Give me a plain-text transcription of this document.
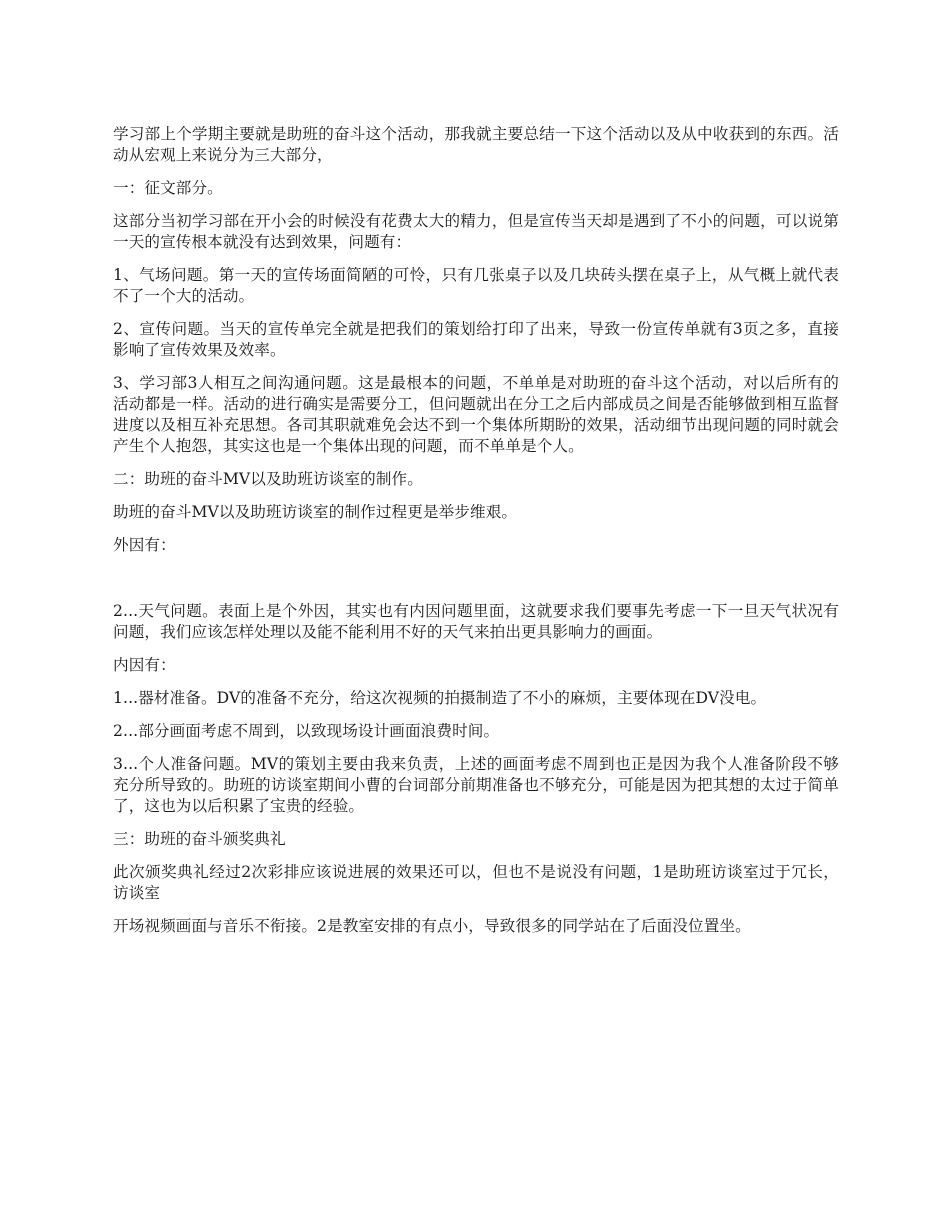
学习部上个学期主要就是助班的奋斗这个活动，那我就主要总结一下这个活动以及从中收获到的东西。活动从宏观上来说分为三大部分，

一：征文部分。

这部分当初学习部在开小会的时候没有花费太大的精力，但是宣传当天却是遇到了不小的问题，可以说第一天的宣传根本就没有达到效果，问题有：

1、气场问题。第一天的宣传场面简陋的可怜，只有几张桌子以及几块砖头摆在桌子上，从气概上就代表不了一个大的活动。

2、宣传问题。当天的宣传单完全就是把我们的策划给打印了出来，导致一份宣传单就有3页之多，直接影响了宣传效果及效率。

3、学习部3人相互之间沟通问题。这是最根本的问题，不单单是对助班的奋斗这个活动，对以后所有的活动都是一样。活动的进行确实是需要分工，但问题就出在分工之后内部成员之间是否能够做到相互监督进度以及相互补充思想。各司其职就难免会达不到一个集体所期盼的效果，活动细节出现问题的同时就会产生个人抱怨，其实这也是一个集体出现的问题，而不单单是个人。

二：助班的奋斗MV以及助班访谈室的制作。

助班的奋斗MV以及助班访谈室的制作过程更是举步维艰。

外因有：

2...天气问题。表面上是个外因，其实也有内因问题里面，这就要求我们要事先考虑一下一旦天气状况有问题，我们应该怎样处理以及能不能利用不好的天气来拍出更具影响力的画面。

内因有：

1...器材准备。DV的准备不充分，给这次视频的拍摄制造了不小的麻烦，主要体现在DV没电。

2...部分画面考虑不周到，以致现场设计画面浪费时间。

3...个人准备问题。MV的策划主要由我来负责，上述的画面考虑不周到也正是因为我个人准备阶段不够充分所导致的。助班的访谈室期间小曹的台词部分前期准备也不够充分，可能是因为把其想的太过于简单了，这也为以后积累了宝贵的经验。

三：助班的奋斗颁奖典礼

此次颁奖典礼经过2次彩排应该说进展的效果还可以，但也不是说没有问题，1是助班访谈室过于冗长，访谈室

开场视频画面与音乐不衔接。2是教室安排的有点小，导致很多的同学站在了后面没位置坐。
